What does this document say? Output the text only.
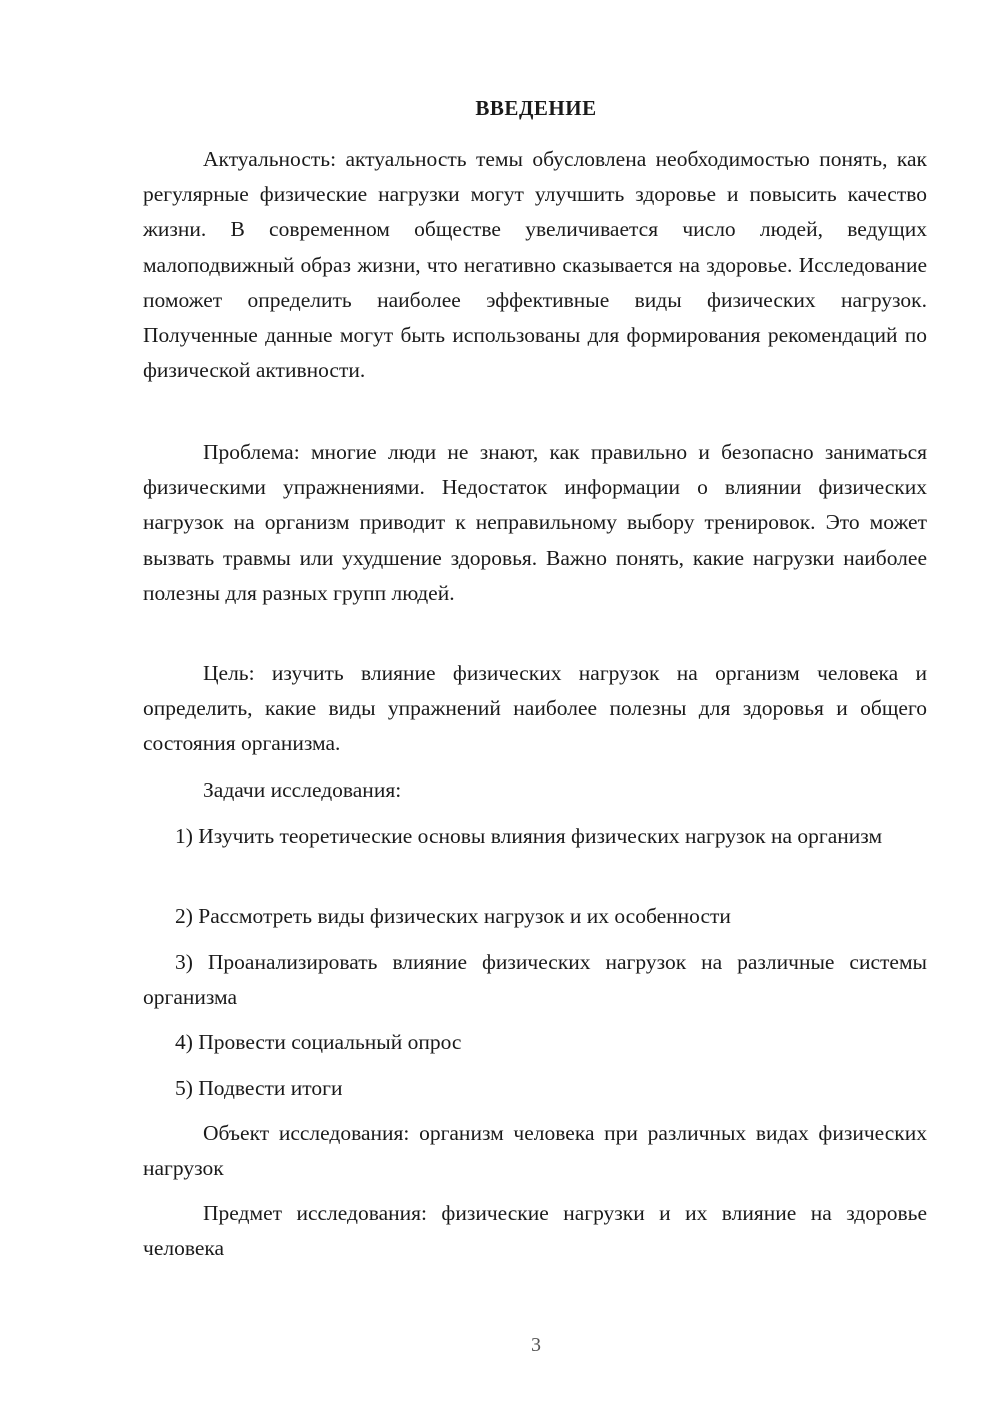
ВВЕДЕНИЕ

Актуальность: актуальность темы обусловлена необходимостью понять, как регулярные физические нагрузки могут улучшить здоровье и повысить качество жизни. В современном обществе увеличивается число людей, ведущих малоподвижный образ жизни, что негативно сказывается на здоровье. Исследование поможет определить наиболее эффективные виды физических нагрузок. Полученные данные могут быть использованы для формирования рекомендаций по физической активности.

Проблема: многие люди не знают, как правильно и безопасно заниматься физическими упражнениями. Недостаток информации о влиянии физических нагрузок на организм приводит к неправильному выбору тренировок. Это может вызвать травмы или ухудшение здоровья. Важно понять, какие нагрузки наиболее полезны для разных групп людей.

Цель: изучить влияние физических нагрузок на организм человека и определить, какие виды упражнений наиболее полезны для здоровья и общего состояния организма.

Задачи исследования:

1) Изучить теоретические основы влияния физических нагрузок на организм

2) Рассмотреть виды физических нагрузок и их особенности

3) Проанализировать влияние физических нагрузок на различные системы организма

4) Провести социальный опрос

5) Подвести итоги

Объект исследования: организм человека при различных видах физических нагрузок

Предмет исследования: физические нагрузки и их влияние на здоровье человека

3
